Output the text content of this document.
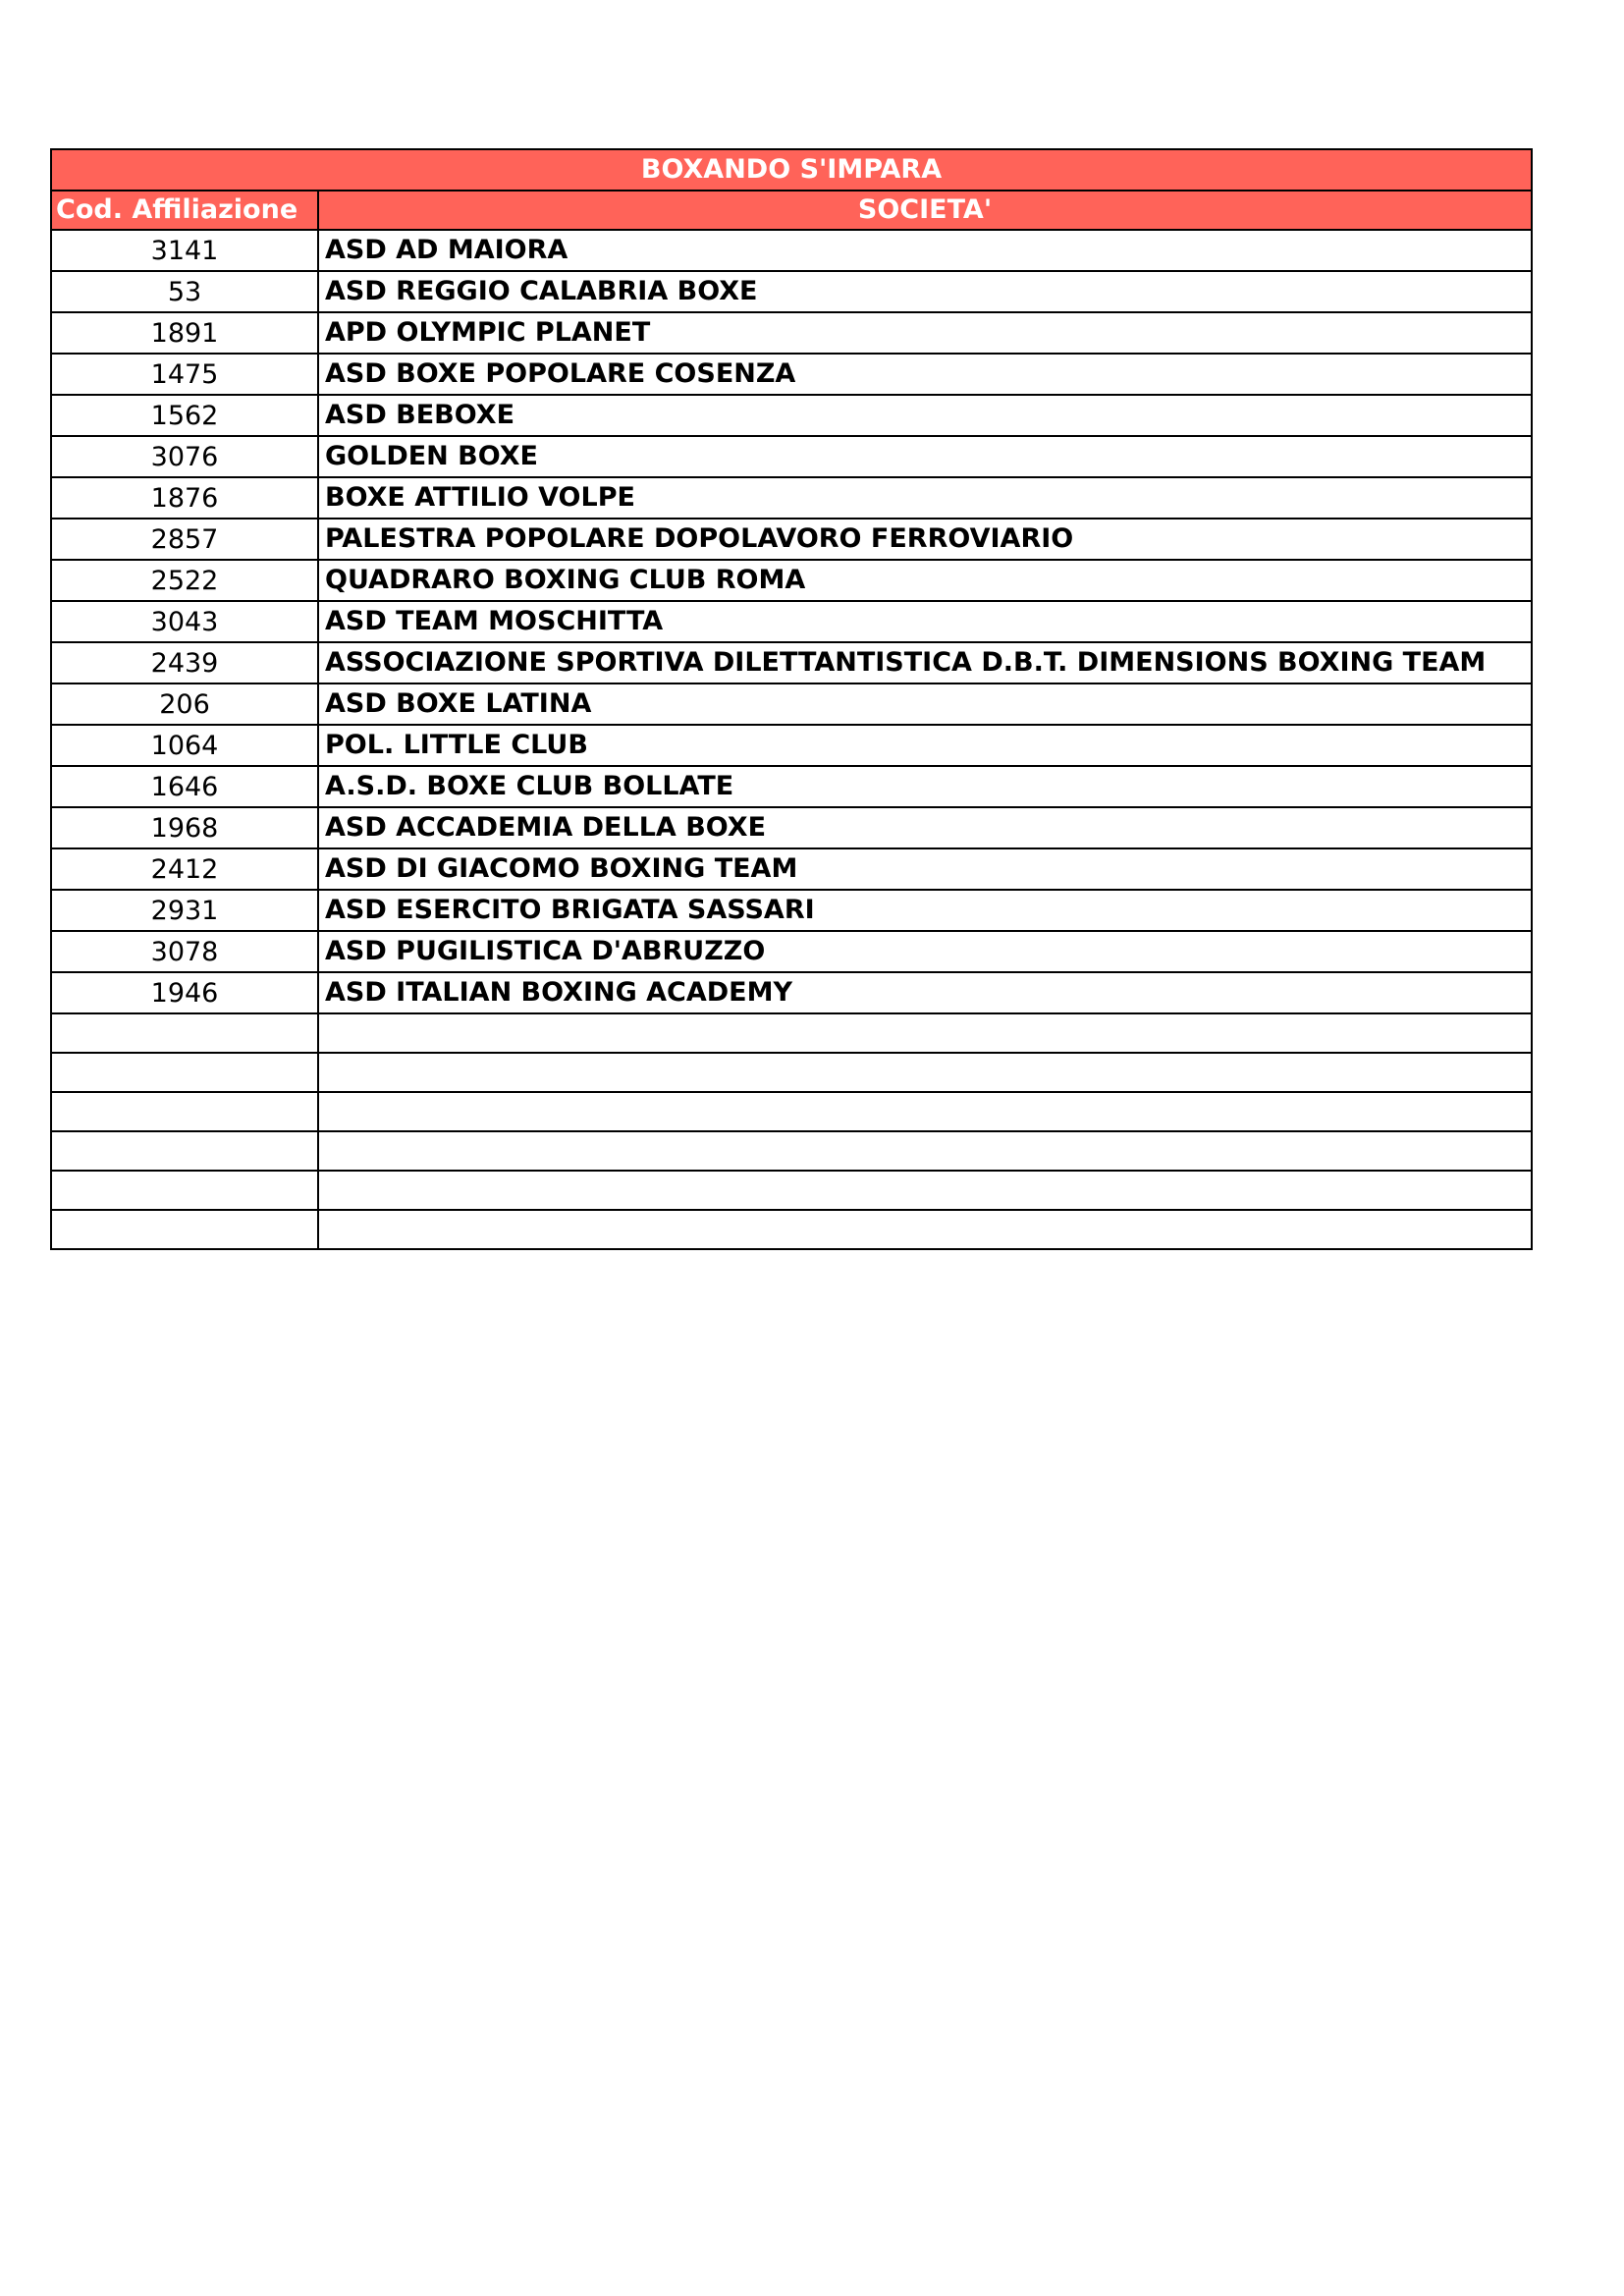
BOXANDO S'IMPARA	
Cod. Affiliazione	SOCIETA'
3141	ASD AD MAIORA
53	ASD REGGIO CALABRIA BOXE
1891	APD OLYMPIC PLANET
1475	ASD BOXE POPOLARE COSENZA
1562	ASD BEBOXE
3076	GOLDEN BOXE
1876	BOXE ATTILIO VOLPE
2857	PALESTRA POPOLARE DOPOLAVORO FERROVIARIO
2522	QUADRARO BOXING CLUB ROMA
3043	ASD TEAM MOSCHITTA
2439	ASSOCIAZIONE SPORTIVA DILETTANTISTICA D.B.T. DIMENSIONS BOXING TEAM
206	ASD BOXE LATINA
1064	POL. LITTLE CLUB
1646	A.S.D. BOXE CLUB BOLLATE
1968	ASD ACCADEMIA DELLA BOXE
2412	ASD DI GIACOMO BOXING TEAM
2931	ASD ESERCITO BRIGATA SASSARI
3078	ASD PUGILISTICA D'ABRUZZO
1946	ASD ITALIAN BOXING ACADEMY
